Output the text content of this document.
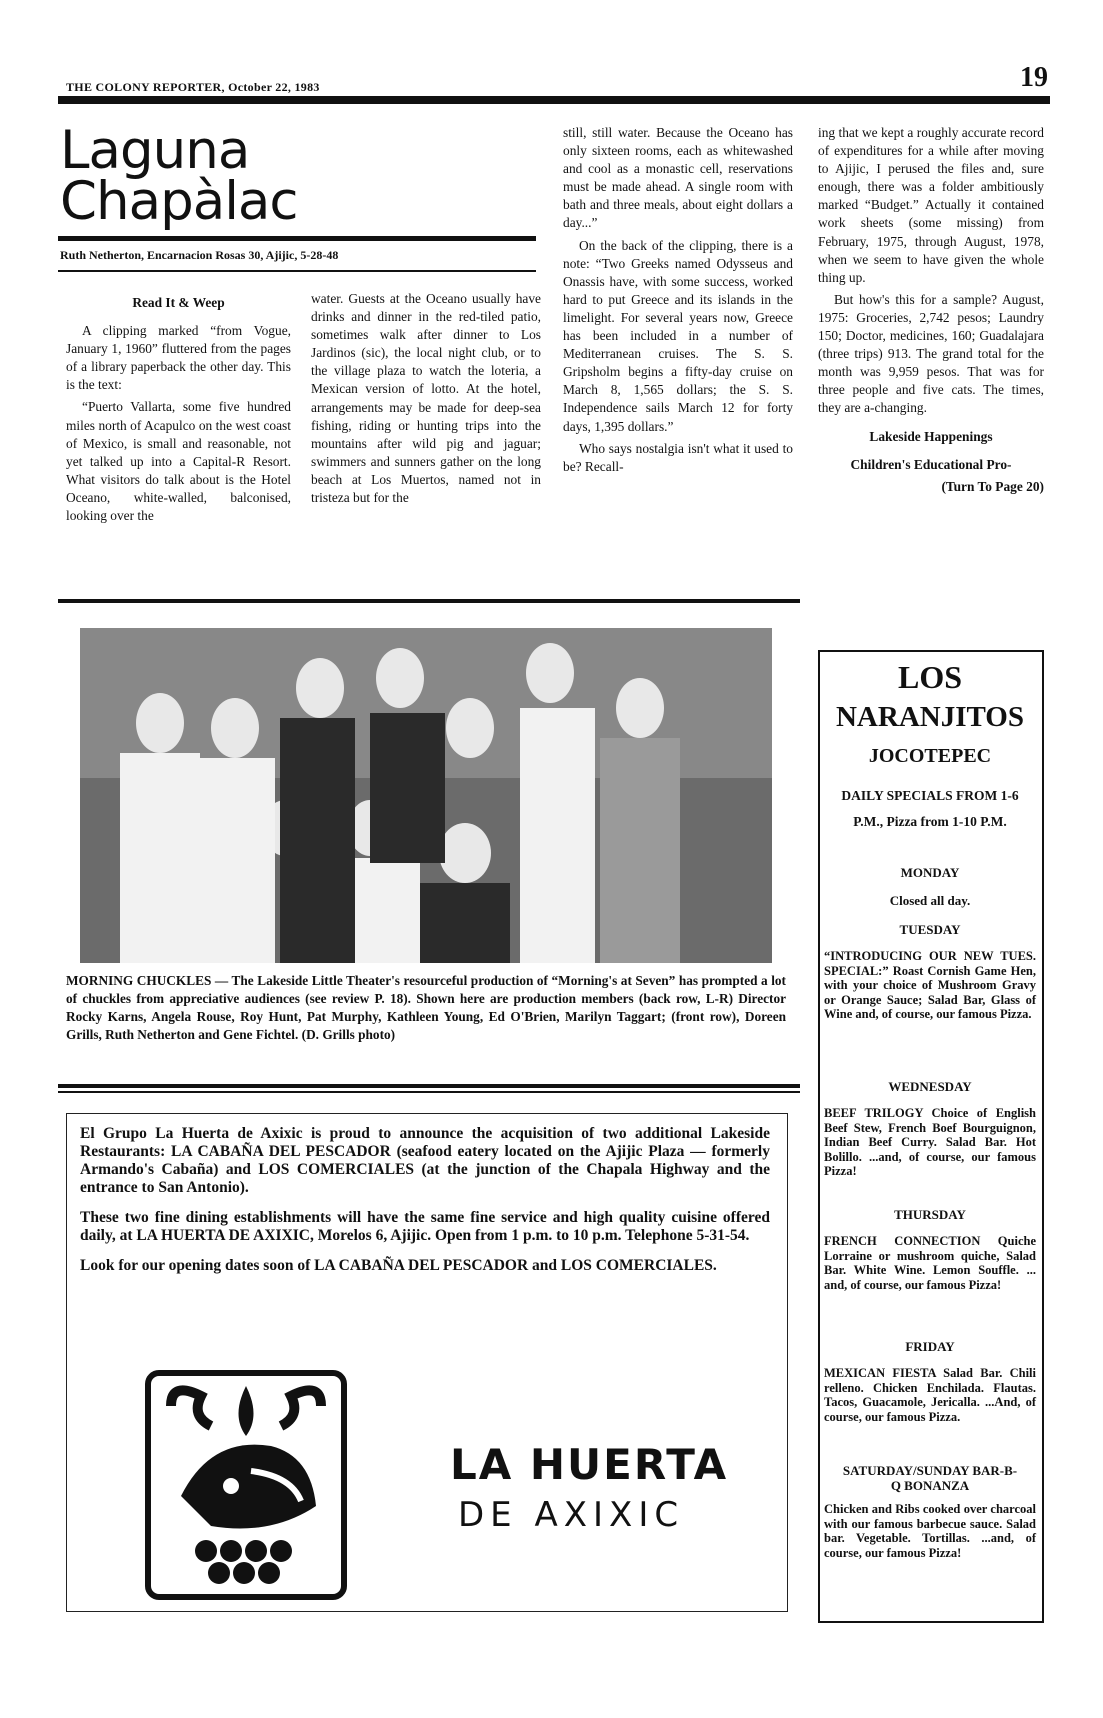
THE COLONY REPORTER, October 22, 1983	19
Laguna
Chapàlac
Ruth Netherton, Encarnacion Rosas 30, Ajijic, 5-28-48

Read It & Weep

A clipping marked “from Vogue, January 1, 1960” fluttered from the pages of a library paperback the other day. This is the text:

“Puerto Vallarta, some five hundred miles north of Acapulco on the west coast of Mexico, is small and reasonable, not yet talked up into a Capital-R Resort. What visitors do talk about is the Hotel Oceano, white-walled, balconised, looking over the

water. Guests at the Oceano usually have drinks and dinner in the red-tiled patio, sometimes walk after dinner to Los Jardinos (sic), the local night club, or to the village plaza to watch the loteria, a Mexican version of lotto. At the hotel, arrangements may be made for deep-sea fishing, riding or hunting trips into the mountains after wild pig and jaguar; swimmers and sunners gather on the long beach at Los Muertos, named not in tristeza but for the

still, still water. Because the Oceano has only sixteen rooms, each as whitewashed and cool as a monastic cell, reservations must be made ahead. A single room with bath and three meals, about eight dollars a day...”

On the back of the clipping, there is a note: “Two Greeks named Odysseus and Onassis have, with some success, worked hard to put Greece and its islands in the limelight. For several years now, Greece has been included in a number of Mediterranean cruises. The S. S. Gripsholm begins a fifty-day cruise on March 8, 1,565 dollars; the S. S. Independence sails March 12 for forty days, 1,395 dollars.”

Who says nostalgia isn't what it used to be? Recall-

ing that we kept a roughly accurate record of expenditures for a while after moving to Ajijic, I perused the files and, sure enough, there was a folder ambitiously marked “Budget.” Actually it contained work sheets (some missing) from February, 1975, through August, 1978, when we seem to have given the whole thing up.

But how's this for a sample? August, 1975: Groceries, 2,742 pesos; Laundry 150; Doctor, medicines, 160; Guadalajara (three trips) 913. The grand total for the month was 9,959 pesos. That was for three people and five cats. The times, they are a-changing.

Lakeside Happenings

Children's Educational Pro-

(Turn To Page 20)

MORNING CHUCKLES — The Lakeside Little Theater's resourceful production of “Morning's at Seven” has prompted a lot of chuckles from appreciative audiences (see review P. 18). Shown here are production members (back row, L-R) Director Rocky Karns, Angela Rouse, Roy Hunt, Pat Murphy, Kathleen Young, Ed O'Brien, Marilyn Taggart; (front row), Doreen Grills, Ruth Netherton and Gene Fichtel. (D. Grills photo)

El Grupo La Huerta de Axixic is proud to announce the acquisition of two additional Lakeside Restaurants: LA CABAÑA DEL PESCADOR (seafood eatery located on the Ajijic Plaza — formerly Armando's Cabaña) and LOS COMERCIALES (at the junction of the Chapala Highway and the entrance to San Antonio).

These two fine dining establishments will have the same fine service and high quality cuisine offered daily, at LA HUERTA DE AXIXIC, Morelos 6, Ajijic. Open from 1 p.m. to 10 p.m. Telephone 5-31-54.

Look for our opening dates soon of LA CABAÑA DEL PESCADOR and LOS COMERCIALES.

LA HUERTA
DE AXIXIC
LOS
NARANJITOS
JOCOTEPEC
DAILY SPECIALS FROM 1-6 P.M., Pizza from 1-10 P.M.
MONDAY
Closed all day.
TUESDAY
“INTRODUCING OUR NEW TUES. SPECIAL:” Roast Cornish Game Hen, with your choice of Mushroom Gravy or Orange Sauce; Salad Bar, Glass of Wine and, of course, our famous Pizza.
WEDNESDAY
BEEF TRILOGY Choice of English Beef Stew, French Boef Bourguignon, Indian Beef Curry. Salad Bar. Hot Bolillo. ...and, of course, our famous Pizza!
THURSDAY
FRENCH CONNECTION Quiche Lorraine or mushroom quiche, Salad Bar. White Wine. Lemon Souffle. ... and, of course, our famous Pizza!
FRIDAY
MEXICAN FIESTA Salad Bar. Chili relleno. Chicken Enchilada. Flautas. Tacos, Guacamole, Jericalla. ...And, of course, our famous Pizza.
SATURDAY/SUNDAY BAR-B-Q BONANZA
Chicken and Ribs cooked over charcoal with our famous barbecue sauce. Salad bar. Vegetable. Tortillas. ...and, of course, our famous Pizza!
